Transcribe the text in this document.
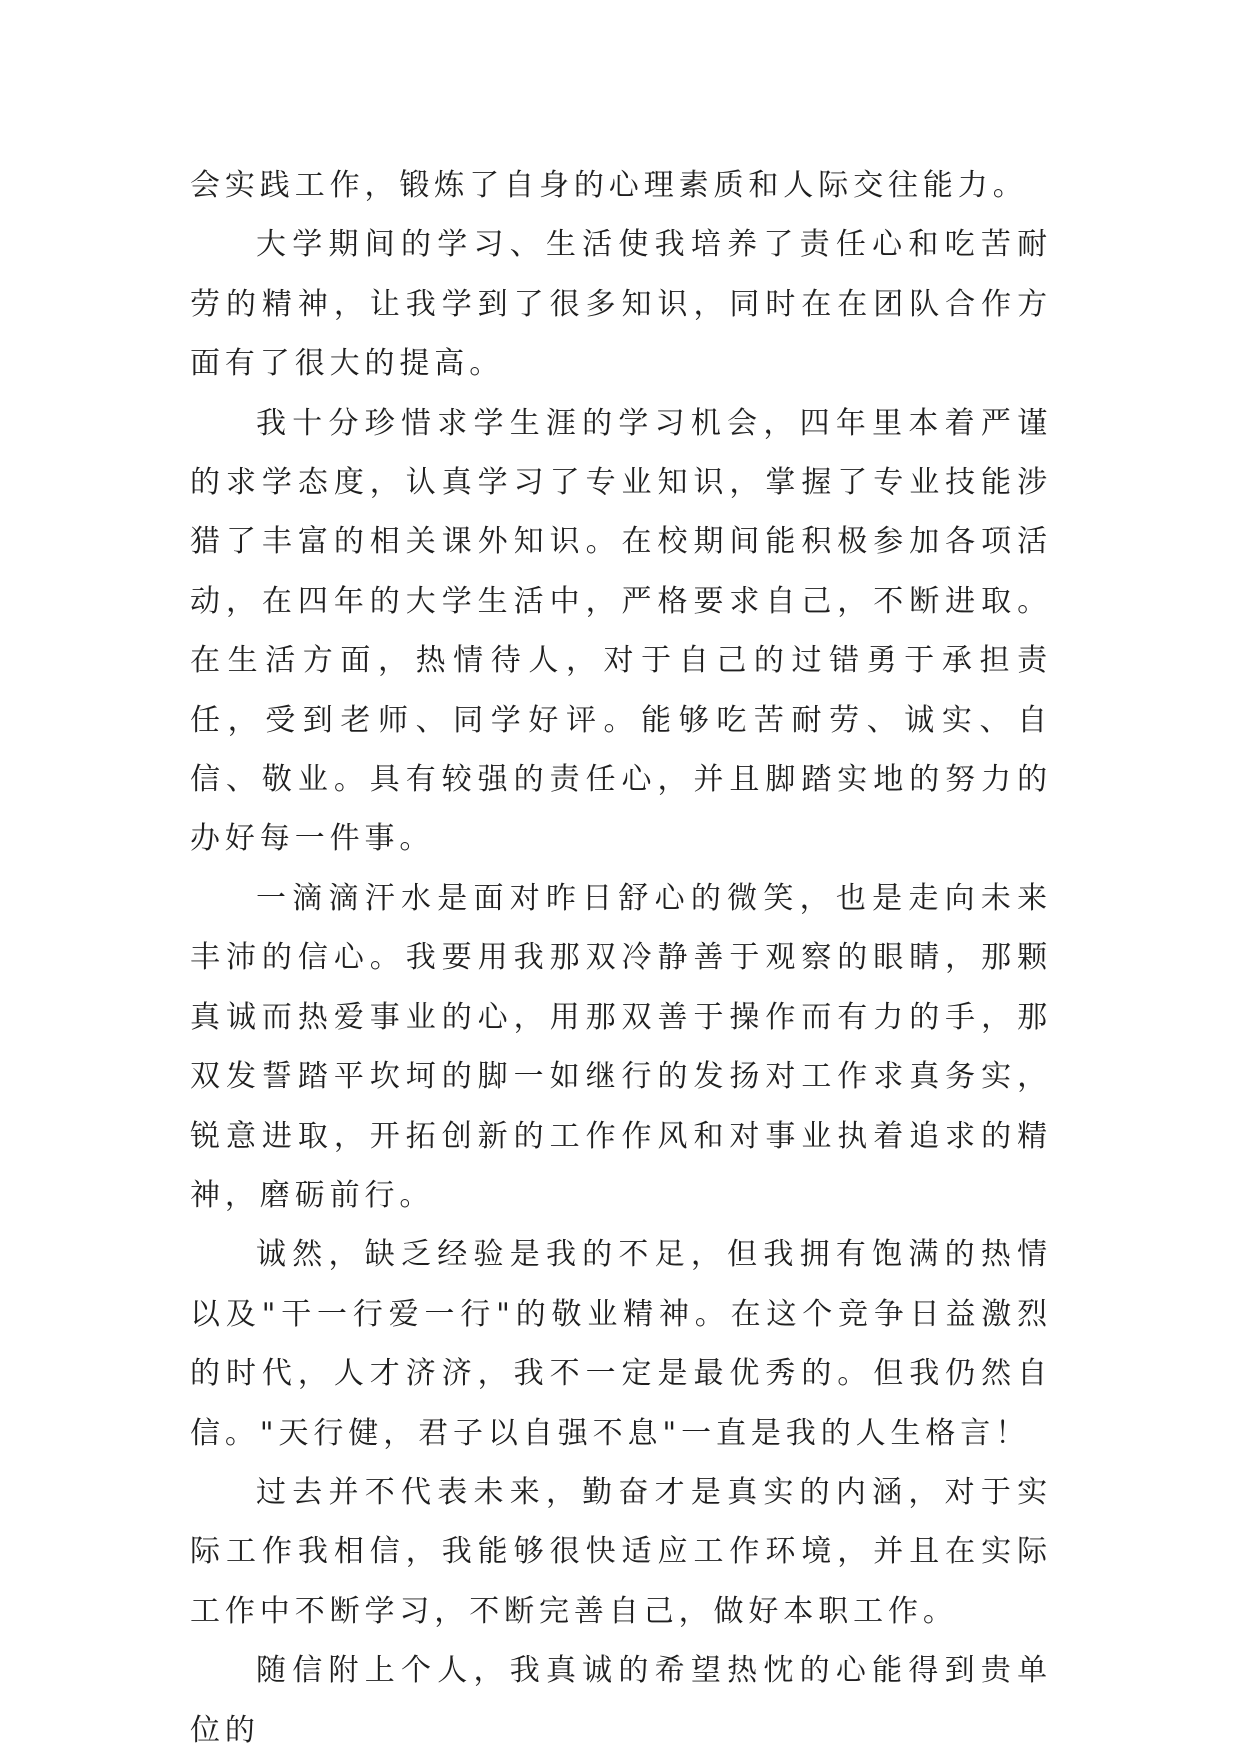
会实践工作，锻炼了自身的心理素质和人际交往能力。

大学期间的学习、生活使我培养了责任心和吃苦耐劳的精神，让我学到了很多知识，同时在在团队合作方面有了很大的提高。

我十分珍惜求学生涯的学习机会，四年里本着严谨的求学态度，认真学习了专业知识，掌握了专业技能涉猎了丰富的相关课外知识。在校期间能积极参加各项活动，在四年的大学生活中，严格要求自己，不断进取。在生活方面，热情待人，对于自己的过错勇于承担责任，受到老师、同学好评。能够吃苦耐劳、诚实、自信、敬业。具有较强的责任心，并且脚踏实地的努力的办好每一件事。

一滴滴汗水是面对昨日舒心的微笑，也是走向未来丰沛的信心。我要用我那双冷静善于观察的眼睛，那颗真诚而热爱事业的心，用那双善于操作而有力的手，那双发誓踏平坎坷的脚一如继行的发扬对工作求真务实，锐意进取，开拓创新的工作作风和对事业执着追求的精神，磨砺前行。

诚然，缺乏经验是我的不足，但我拥有饱满的热情以及"干一行爱一行"的敬业精神。在这个竞争日益激烈的时代，人才济济，我不一定是最优秀的。但我仍然自信。"天行健，君子以自强不息"一直是我的人生格言！

过去并不代表未来，勤奋才是真实的内涵，对于实际工作我相信，我能够很快适应工作环境，并且在实际工作中不断学习，不断完善自己，做好本职工作。

随信附上个人，我真诚的希望热忱的心能得到贵单位的
